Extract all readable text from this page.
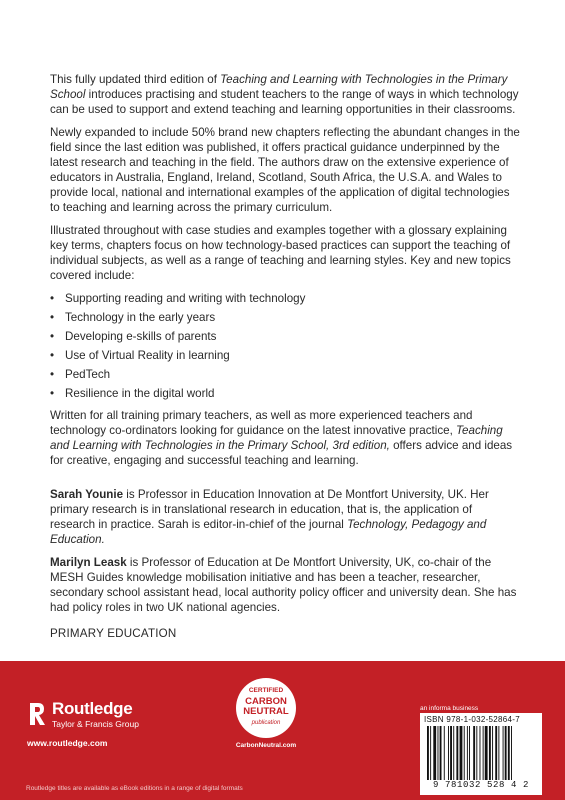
This fully updated third edition of Teaching and Learning with Technologies in the Primary School introduces practising and student teachers to the range of ways in which technology can be used to support and extend teaching and learning opportunities in their classrooms.

Newly expanded to include 50% brand new chapters reflecting the abundant changes in the field since the last edition was published, it offers practical guidance underpinned by the latest research and teaching in the field. The authors draw on the extensive experience of educators in Australia, England, Ireland, Scotland, South Africa, the U.S.A. and Wales to provide local, national and international examples of the application of digital technologies to teaching and learning across the primary curriculum.

Illustrated throughout with case studies and examples together with a glossary explaining key terms, chapters focus on how technology-based practices can support the teaching of individual subjects, as well as a range of teaching and learning styles. Key and new topics covered include:

• Supporting reading and writing with technology
• Technology in the early years
• Developing e-skills of parents
• Use of Virtual Reality in learning
• PedTech
• Resilience in the digital world

Written for all training primary teachers, as well as more experienced teachers and technology co-ordinators looking for guidance on the latest innovative practice, Teaching and Learning with Technologies in the Primary School, 3rd edition, offers advice and ideas for creative, engaging and successful teaching and learning.

Sarah Younie is Professor in Education Innovation at De Montfort University, UK. Her primary research is in translational research in education, that is, the application of research in practice. Sarah is editor-in-chief of the journal Technology, Pedagogy and Education.

Marilyn Leask is Professor of Education at De Montfort University, UK, co-chair of the MESH Guides knowledge mobilisation initiative and has been a teacher, researcher, secondary school assistant head, local authority policy officer and university dean. She has had policy roles in two UK national agencies.

PRIMARY EDUCATION
Routledge
Taylor & Francis Group
www.routledge.com
CERTIFIED
CARBON
NEUTRAL
publication
CarbonNeutral.com
an informa business
ISBN 978-1-032-52864-7
9 781032 528 4 2
Routledge titles are available as eBook editions in a range of digital formats
